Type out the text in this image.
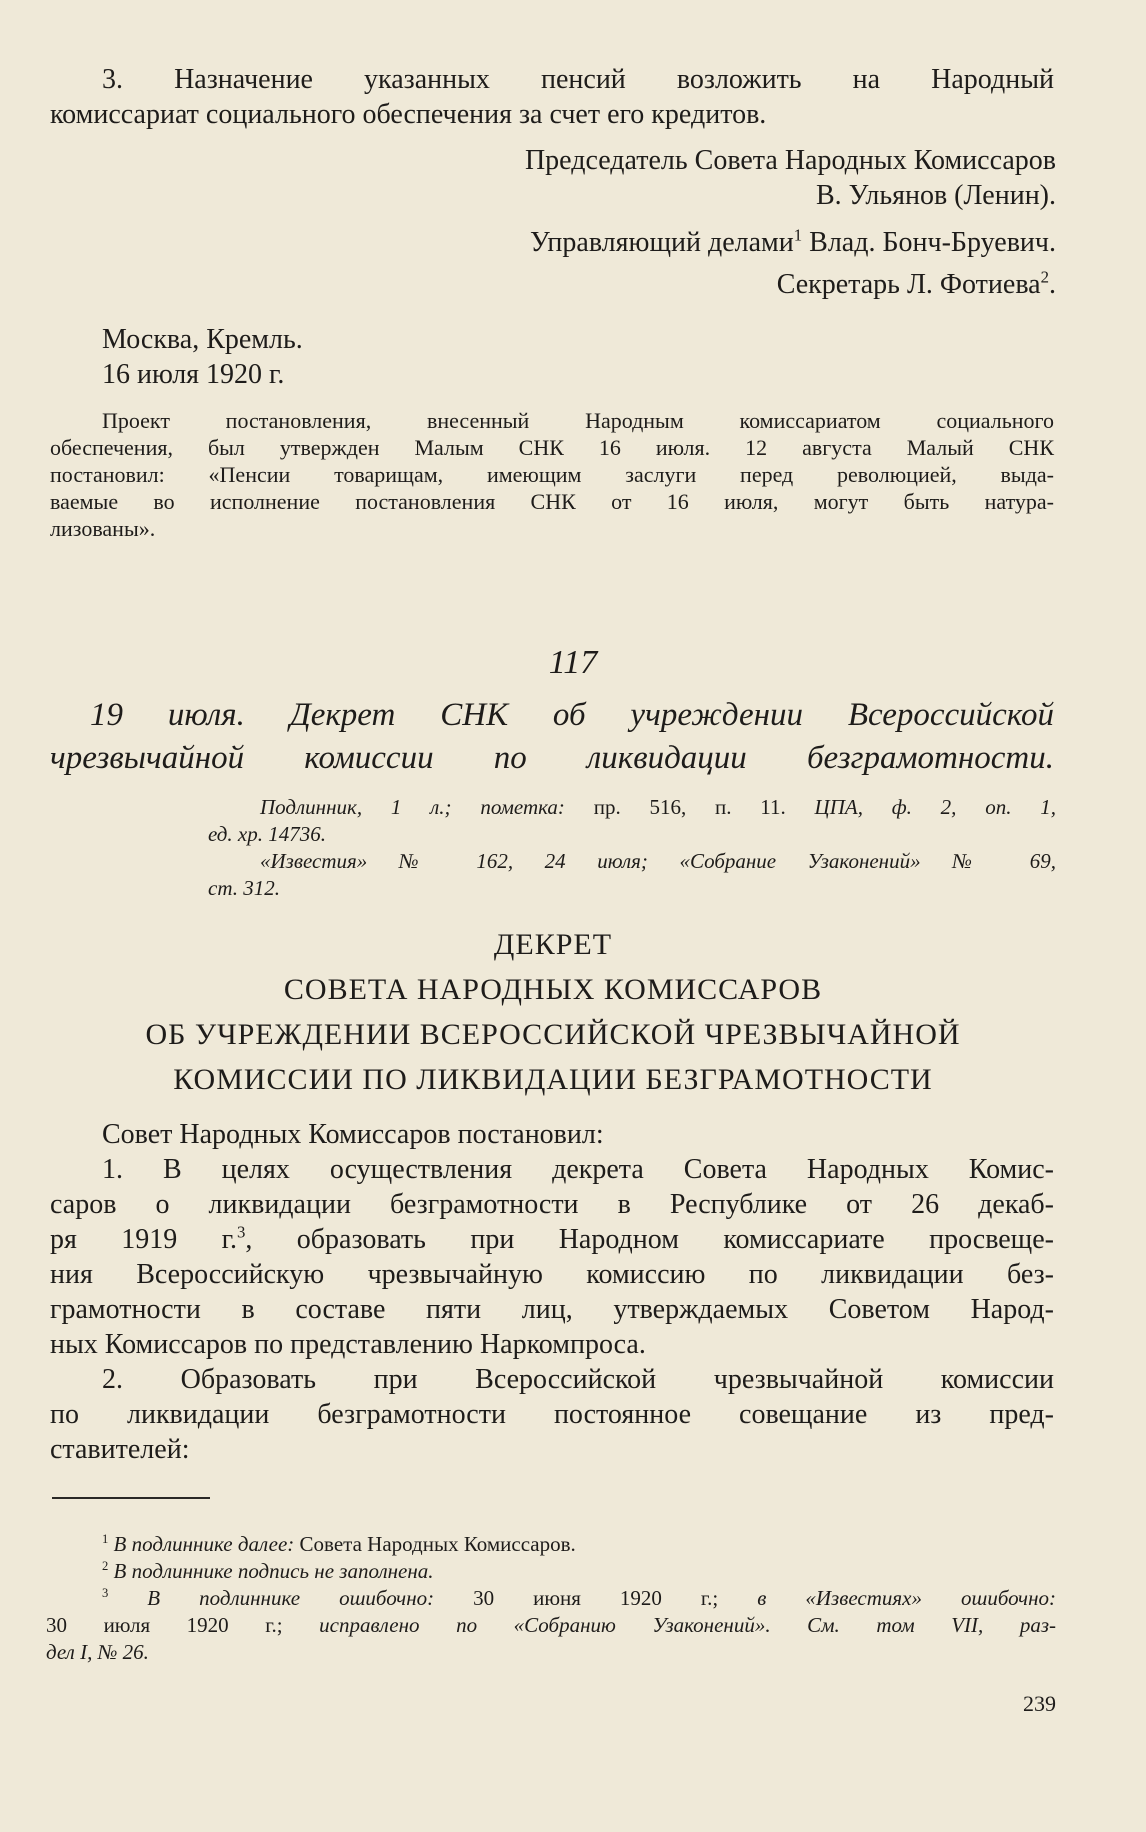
3. Назначение указанных пенсий возложить на Народный
комиссариат социального обеспечения за счет его кредитов.
Председатель Совета Народных Комиссаров
В. Ульянов (Ленин).
Управляющий делами$^1$ Влад. Бонч-Бруевич.
Секретарь Л. Фотиева$^2$.
Москва, Кремль.
16 июля 1920 г.
Проект постановления, внесенный Народным комиссариатом социального
обеспечения, был утвержден Малым СНК 16 июля. 12 августа Малый СНК
постановил: «Пенсии товарищам, имеющим заслуги перед революцией, выда-
ваемые во исполнение постановления СНК от 16 июля, могут быть натура-
лизованы».
117
19 июля. Декрет СНК об учреждении Всероссийской
чрезвычайной комиссии по ликвидации безграмотности.
Подлинник, 1 л.; пометка: пр. 516, п. 11. ЦПА, ф. 2, оп. 1,
ед. хр. 14736.
«Известия» № 162, 24 июля; «Собрание Узаконений» № 69,
ст. 312.
ДЕКРЕТ
СОВЕТА НАРОДНЫХ КОМИССАРОВ
ОБ УЧРЕЖДЕНИИ ВСЕРОССИЙСКОЙ ЧРЕЗВЫЧАЙНОЙ
КОМИССИИ ПО ЛИКВИДАЦИИ БЕЗГРАМОТНОСТИ
Совет Народных Комиссаров постановил:
1. В целях осуществления декрета Совета Народных Комис-
саров о ликвидации безграмотности в Республике от 26 декаб-
ря 1919 г.$^3$, образовать при Народном комиссариате просвеще-
ния Всероссийскую чрезвычайную комиссию по ликвидации без-
грамотности в составе пяти лиц, утверждаемых Советом Народ-
ных Комиссаров по представлению Наркомпроса.
2. Образовать при Всероссийской чрезвычайной комиссии
по ликвидации безграмотности постоянное совещание из пред-
ставителей:
$^1$ В подлиннике далее: Совета Народных Комиссаров.
$^2$ В подлиннике подпись не заполнена.
$^3$ В подлиннике ошибочно: 30 июня 1920 г.; в «Известиях» ошибочно:
30 июля 1920 г.; исправлено по «Собранию Узаконений». См. том VII, раз-
дел I, № 26.
239
